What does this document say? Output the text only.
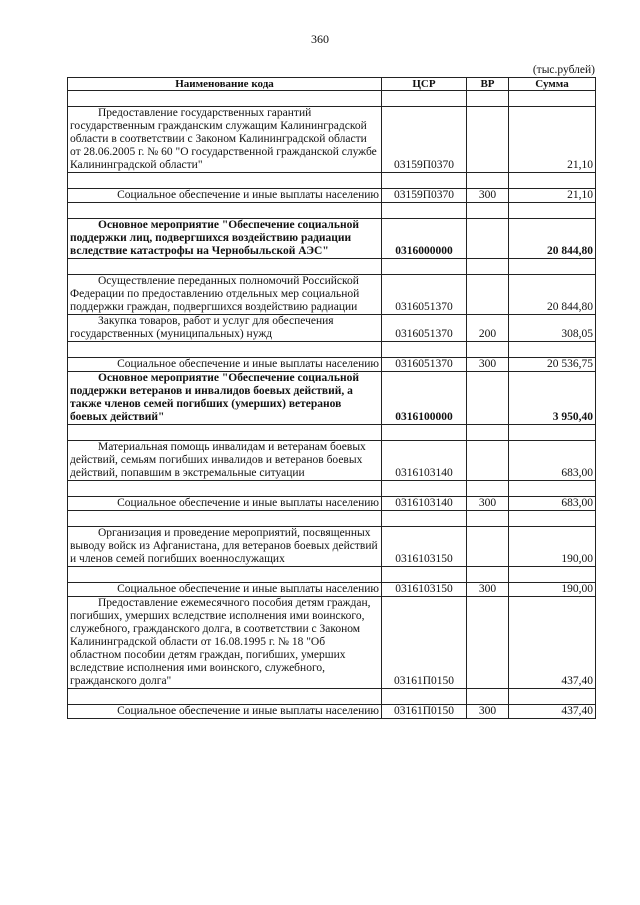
360
(тыс.рублей)
Наименование кода	ЦСР	ВР	Сумма

Предоставление государственных гарантий государственным гражданским служащим Калининградской области в соответствии с Законом Калининградской области от 28.06.2005 г. № 60 "О государственной гражданской службе Калининградской области"	03159П0370		21,10

Социальное обеспечение и иные выплаты населению	03159П0370	300	21,10

Основное мероприятие "Обеспечение социальной поддержки лиц, подвергшихся воздействию радиации вследствие катастрофы на Чернобыльской АЭС"	0316000000		20 844,80

Осуществление переданных полномочий Российской Федерации по предоставлению отдельных мер социальной поддержки граждан, подвергшихся воздействию радиации	0316051370		20 844,80
Закупка товаров, работ и услуг для обеспечения государственных (муниципальных) нужд	0316051370	200	308,05

Социальное обеспечение и иные выплаты населению	0316051370	300	20 536,75
Основное мероприятие "Обеспечение социальной поддержки ветеранов и инвалидов боевых действий, а также членов семей погибших (умерших) ветеранов боевых действий"	0316100000		3 950,40

Материальная помощь инвалидам и ветеранам боевых действий, семьям погибших инвалидов и ветеранов боевых действий, попавшим в экстремальные ситуации	0316103140		683,00

Социальное обеспечение и иные выплаты населению	0316103140	300	683,00

Организация и проведение мероприятий, посвященных выводу войск из Афганистана, для ветеранов боевых действий и членов семей погибших военнослужащих	0316103150		190,00

Социальное обеспечение и иные выплаты населению	0316103150	300	190,00
Предоставление ежемесячного пособия детям граждан, погибших, умерших вследствие исполнения ими воинского, служебного, гражданского долга, в соответствии с Законом Калининградской области от 16.08.1995 г. № 18 "Об областном пособии детям граждан, погибших, умерших вследствие исполнения ими воинского, служебного, гражданского долга"	03161П0150		437,40

Социальное обеспечение и иные выплаты населению	03161П0150	300	437,40
